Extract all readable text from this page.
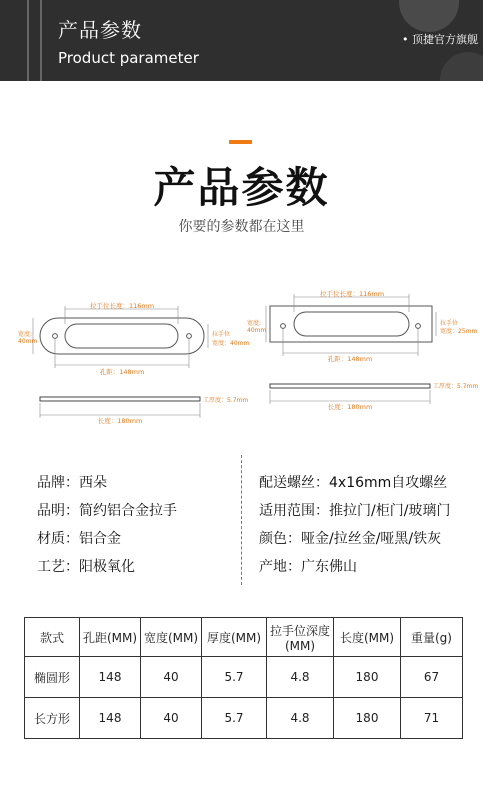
产品参数
Product parameter
• 顶捷官方旗舰
产品参数
你要的参数都在这里
拉手位长度：116mm
宽度:
40mm
拉手位
宽度：40mm
孔距：148mm
工厚度：5.7mm
长度：180mm
拉手位长度：116mm
宽度:
40mm
拉手位
宽度：25mm
孔距：148mm
工厚度：5.7mm
长度：180mm
品牌：西朵
品明：简约铝合金拉手
材质：铝合金
工艺：阳极氧化
配送螺丝：4x16mm自攻螺丝
适用范围：推拉门/柜门/玻璃门
颜色：哑金/拉丝金/哑黑/铁灰
产地：广东佛山
款式	孔距(MM)	宽度(MM)	厚度(MM)	拉手位深度(MM)	长度(MM)	重量(g)
椭圆形	148	40	5.7	4.8	180	67
长方形	148	40	5.7	4.8	180	71
